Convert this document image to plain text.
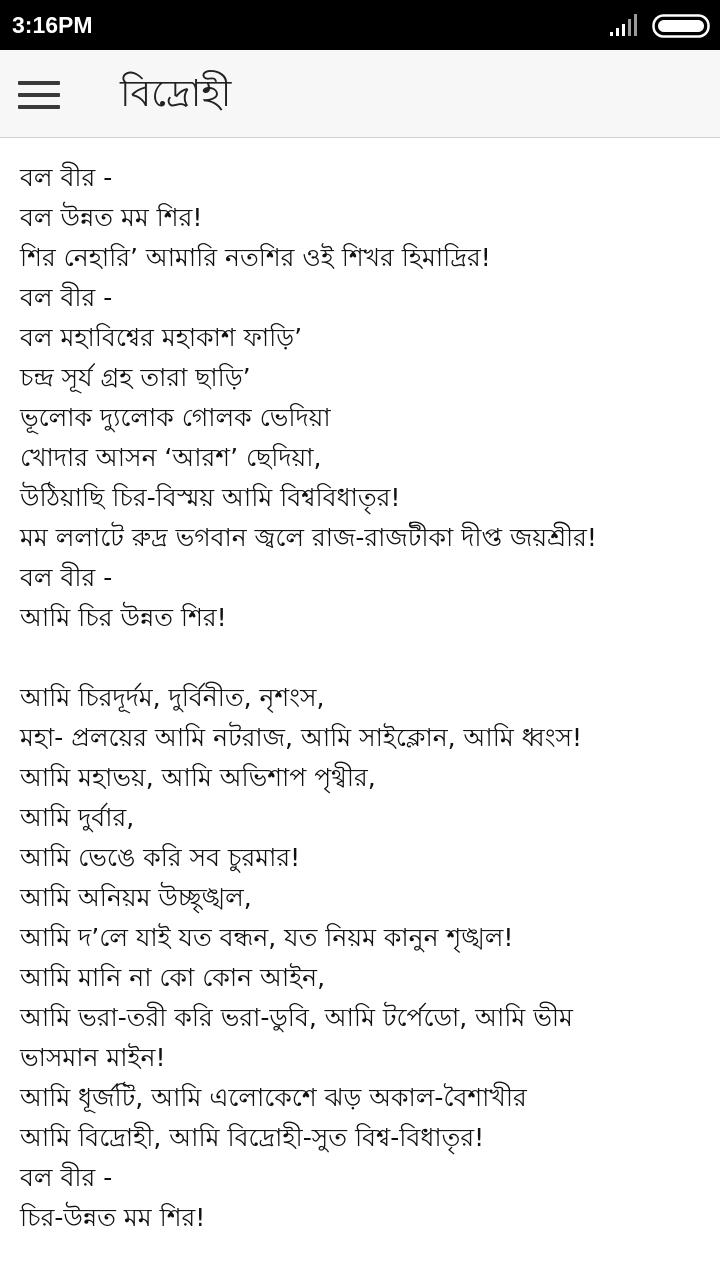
3:16PM
বিদ্রোহী
বল বীর -
বল উন্নত মম শির!
শির নেহারি’ আমারি নতশির ওই শিখর হিমাদ্রির!
বল বীর -
বল মহাবিশ্বের মহাকাশ ফাড়ি’
চন্দ্র সূর্য গ্রহ তারা ছাড়ি’
ভূলোক দ্যুলোক গোলক ভেদিয়া
খোদার আসন ‘আরশ’ ছেদিয়া,
উঠিয়াছি চির-বিস্ময় আমি বিশ্ববিধাতৃর!
মম ললাটে রুদ্র ভগবান জ্বলে রাজ-রাজটীকা দীপ্ত জয়শ্রীর!
বল বীর -
আমি চির উন্নত শির!
আমি চিরদূর্দম, দুর্বিনীত, নৃশংস,
মহা- প্রলয়ের আমি নটরাজ, আমি সাইক্লোন, আমি ধ্বংস!
আমি মহাভয়, আমি অভিশাপ পৃথ্বীর,
আমি দুর্বার,
আমি ভেঙে করি সব চুরমার!
আমি অনিয়ম উচ্ছৃঙ্খল,
আমি দ’লে যাই যত বন্ধন, যত নিয়ম কানুন শৃঙ্খল!
আমি মানি না কো কোন আইন,
আমি ভরা-তরী করি ভরা-ডুবি, আমি টর্পেডো, আমি ভীম
ভাসমান মাইন!
আমি ধূর্জটি, আমি এলোকেশে ঝড় অকাল-বৈশাখীর
আমি বিদ্রোহী, আমি বিদ্রোহী-সুত বিশ্ব-বিধাতৃর!
বল বীর -
চির-উন্নত মম শির!
